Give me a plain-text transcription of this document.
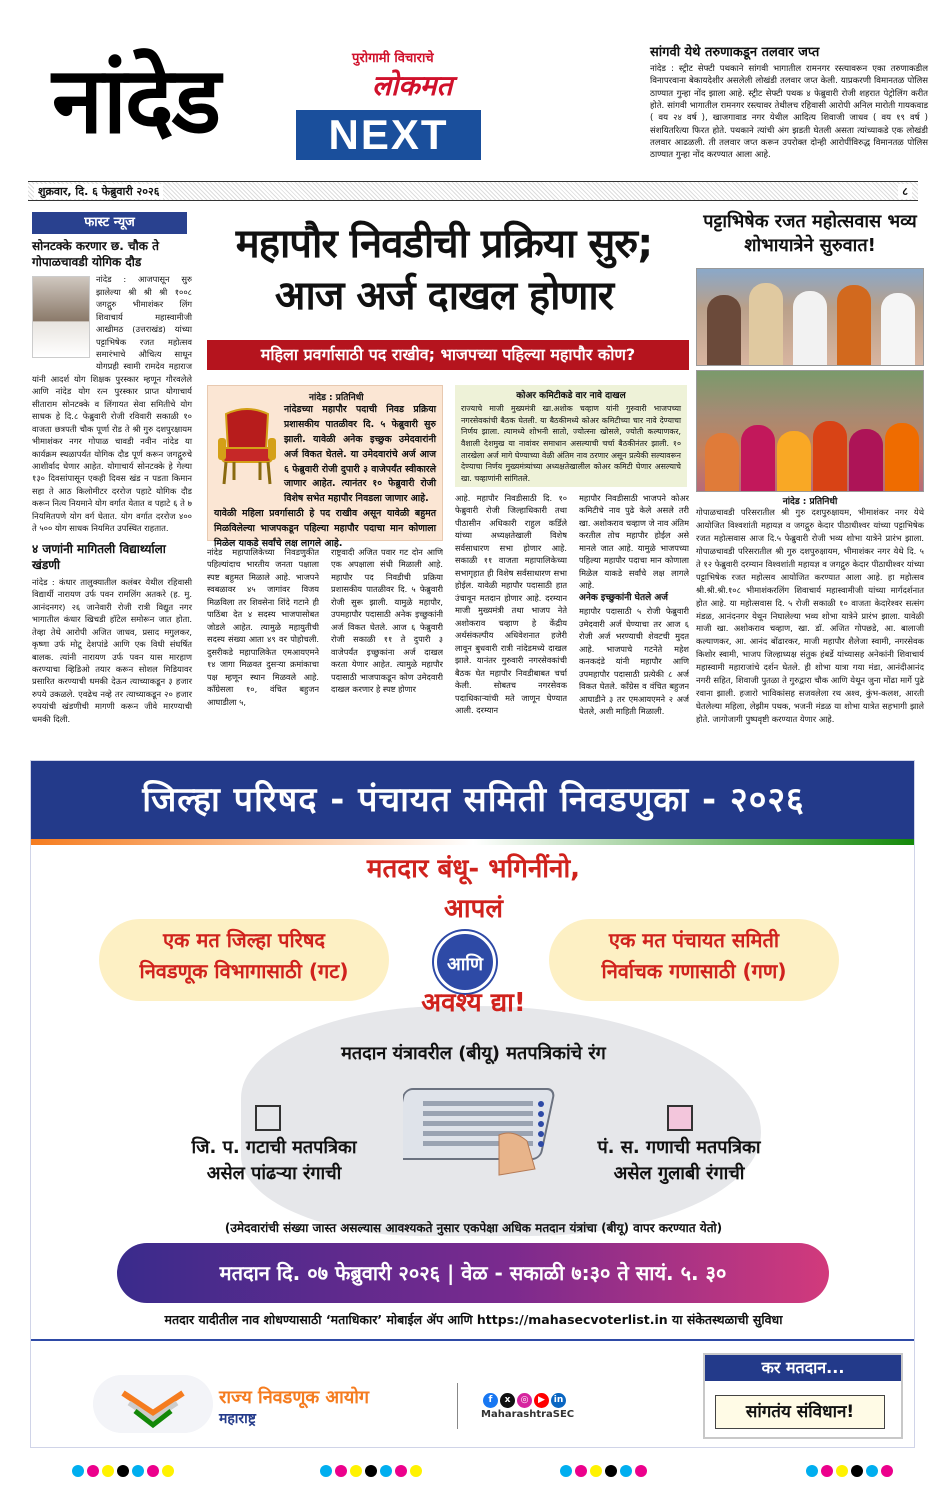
नांदेड	पुरोगामी विचाराचे
लोकमत
NEXT
सांगवी येथे तरुणाकडून तलवार जप्त

नांदेड : स्ट्रीट सेफ्टी पथकाने सांगवी भागातील रामनगर रस्त्यावरून एका तरुणाकडील विनापरवाना बेकायदेशीर असलेली लोखंडी तलवार जप्त केली. याप्रकरणी विमानतळ पोलिस ठाण्यात गुन्हा नोंद झाला आहे. स्ट्रीट सेफ्टी पथक ४ फेब्रुवारी रोजी शहरात पेट्रोलिंग करीत होते. सांगवी भागातील रामनगर रस्त्यावर तेथीलच रहिवासी आरोपी अनिल मारोती गायकवाड ( वय २४ वर्ष ), खाजगावाड नगर येथील आदित्य शिवाजी जाधव ( वय १९ वर्ष ) संशयितरित्या फिरत होते. पथकाने त्यांची अंग झडती घेतली असता त्यांच्याकडे एक लोखंडी तलवार आढळली. ती तलवार जप्त करून उपरोक्त दोन्ही आरोपींविरुद्ध विमानतळ पोलिस ठाण्यात गुन्हा नोंद करण्यात आला आहे.

शुक्रवार, दि. ६ फेब्रुवारी २०२६	८
फास्ट न्यूज
सोनटक्के करणार छ. चौक ते गोपाळचावडी योगिक दौड

नांदेड : आजपासून सुरु झालेल्या श्री श्री श्री १००८ जगद्गुरु भीमाशंकर लिंग शिवाचार्य महास्वामीजी आखीमठ (उत्तराखंड) यांच्या पट्टाभिषेक रजत महोत्सव समारंभाचे औचित्य साधून योगप्रही स्वामी रामदेव महाराज यांनी आदर्श योग शिक्षक पुरस्कार म्हणून गौरवलेले आणि नांदेड योग रत्न पुरस्कार प्राप्त योगाचार्य सीताराम सोनटक्के व लिंगायत सेवा समितीचे योग साधक हे दि.८ फेब्रुवारी रोजी रविवारी सकाळी १० वाजता छत्रपती चौक पूर्णा रोड ते श्री गुरु दशपुरक्षायम भीमाशंकर नगर गोपाळ चावडी नवीन नांदेड या कार्यक्रम स्थळापर्यंत योगिक दौड पूर्ण करून जगद्गुरुचे आशीर्वाद घेणार आहेत. योगाचार्य सोनटक्के हे गेल्या १३० दिवसांपासून एकही दिवस खंड न पडता किमान सहा ते आठ किलोमीटर दररोज पहाटे योगिक दौड करून नित्य नियमाने योग वर्गात येतात व पहाटे ६ ते ७ नियमितपणे योग वर्ग घेतात. योग वर्गात दररोज ४०० ते ५०० योग साधक नियमित उपस्थित राहतात.

४ जणांनी मागितली विद्यार्थ्याला खंडणी

नांदेड : कंधार तालुक्यातील कलंबर येथील रहिवासी विद्यार्थी नारायण उर्फ पवन रामलिंग अतकरे (ह. मु. आनंदनगर) २६ जानेवारी रोजी रात्री विद्युत नगर भागातील कंधार खिचडी हॉटेल समोरून जात होता. तेव्हा तेथे आरोपी अजित जाधव, प्रसाद मगुलकर, कृष्णा उर्फ मोटू देशपांडे आणि एक विधी संघर्षित बालक. त्यांनी नारायण उर्फ पवन यास मारहाण करण्याचा व्हिडिओ तयार करून सोशल मिडियावर प्रसारित करण्याची धमकी देऊन त्याच्याकडून ३ हजार रुपये उकळले. एवढेच नव्हे तर त्याच्याकडून २० हजार रुपयांची खंडणीची मागणी करून जीवे मारण्याची धमकी दिली.

महापौर निवडीची प्रक्रिया सुरु;
आज अर्ज दाखल होणार
महिला प्रवर्गासाठी पद राखीव; भाजपच्या पहिल्या महापौर कोण?
नांदेड : प्रतिनिधी
नांदेडच्या महापौर पदाची निवड प्रक्रिया प्रशासकीय पातळीवर दि. ५ फेब्रुवारी सुरु झाली. यावेळी अनेक इच्छुक उमेदवारांनी अर्ज विकत घेतले. या उमेदवारांचे अर्ज आज ६ फेब्रुवारी रोजी दुपारी ३ वाजेपर्यंत स्वीकारले जाणार आहेत. त्यानंतर १० फेब्रुवारी रोजी विशेष सभेत महापौर निवडला जाणार आहे.
यावेळी महिला प्रवर्गासाठी हे पद राखीव असून यावेळी बहुमत मिळविलेल्या भाजपकडून पहिल्या महापौर पदाचा मान कोणाला मिळेल याकडे सर्वांचे लक्ष लागले आहे.
कोअर कमिटीकडे वार नावे दाखल

राज्याचे माजी मुख्यमंत्री खा.अशोक चव्हाण यांनी गुरुवारी भाजपच्या नगरसेवकांची बैठक घेतली. या बैठकीमध्ये कोअर कमिटीच्या चार नावे देण्याचा निर्णय झाला. त्यामध्ये शोभनी सातो, ज्योत्स्ना खोसले, ज्योती कल्याणकर, वैशाली देशमुख या नावांवर समाधान असल्याची चर्चा बैठकीनंतर झाली. १० तारखेला अर्ज मागे घेण्याच्या वेळी अंतिम नाव ठरणार असून प्रत्येकी सल्यावरून देण्याचा निर्णय मुख्यमंत्र्यांच्या अध्यक्षतेखालील कोअर कमिटी घेणार असल्याचे खा. चव्हाणांनी सांगितले.

नांदेड महापालिकेच्या निवडणुकीत पहिल्यांदाच भारतीय जनता पक्षाला स्पष्ट बहुमत मिळाले आहे. भाजपने स्वबळावर ४५ जागांवर विजय मिळविला तर शिवसेना शिंदे गटाने ही पाठिंबा देत ४ सदस्य भाजपासोबत जोडले आहेत. त्यामुळे महायुतीची सदस्य संख्या आता ४९ वर पोहोचली. दुसरीकडे महापालिकेत एमआयएमने १४ जागा मिळवत दुसऱ्या क्रमांकाचा पक्ष म्हणून स्थान मिळवले आहे. काँग्रेसला १०, वंचित बहुजन आघाडीला ५,
राष्ट्रवादी अजित पवार गट दोन आणि एक अपक्षाला संधी मिळाली आहे. महापौर पद निवडीची प्रक्रिया प्रशासकीय पातळीवर दि. ५ फेब्रुवारी रोजी सुरू झाली. यामुळे महापौर, उपमहापौर पदासाठी अनेक इच्छुकांनी अर्ज विकत घेतले. आज ६ फेब्रुवारी रोजी सकाळी ११ ते दुपारी ३ वाजेपर्यंत इच्छुकांना अर्ज दाखल करता येणार आहेत. त्यामुळे महापौर पदासाठी भाजपाकडून कोण उमेदवारी दाखल करणार हे स्पष्ट होणार
आहे. महापौर निवडीसाठी दि. १० फेब्रुवारी रोजी जिल्हाधिकारी तथा पीठासीन अधिकारी राहुल कर्डिले यांच्या अध्यक्षतेखाली विशेष सर्वसाधारण सभा होणार आहे. सकाळी ११ वाजता महापालिकेच्या सभागृहात ही विशेष सर्वसाधारण सभा होईल. यावेळी महापौर पदासाठी हात उंचावून मतदान होणार आहे. दरम्यान माजी मुख्यमंत्री तथा भाजप नेते अशोकराव चव्हाण हे केंद्रीय अर्थसंकल्पीय अधिवेशनात हजेरी लावून बुधवारी रात्री नांदेडमध्ये दाखल झाले. यानंतर गुरुवारी नगरसेवकांची बैठक घेत महापौर निवडीबाबत चर्चा केली. सोबतच नगरसेवक पदाधिकाऱ्यांची मते जाणून घेण्यात आली. दरम्यान
महापौर निवडीसाठी भाजपने कोअर कमिटीचे नाव पुढे केले असले तरी खा. अशोकराव चव्हाण जे नाव अंतिम करतील तोच महापौर होईल असे मानले जात आहे. यामुळे भाजपच्या पहिल्या महापौर पदाचा मान कोणाला मिळेल याकडे सर्वांचे लक्ष लागले आहे.
अनेक इच्छुकांनी घेतले अर्ज
महापौर पदासाठी ५ रोजी फेब्रुवारी उमेदवारी अर्ज घेण्याचा तर आज ६ रोजी अर्ज भरण्याची शेवटची मुदत आहे. भाजपाचे गटनेते महेश कनकदंडे यांनी महापौर आणि उपमहापौर पदासाठी प्रत्येकी ८ अर्ज विकत घेतले. काँग्रेस व वंचित बहुजन आघाडीने ३ तर एमआयएमने २ अर्ज घेतले, अशी माहिती मिळाली.
पट्टाभिषेक रजत महोत्सवास भव्य शोभायात्रेने सुरुवात!
नांदेड : प्रतिनिधी
गोपाळचावडी परिसरातील श्री गुरु दशपुरुक्षायम, भीमाशंकर नगर येथे आयोजित विश्वशांती महायज्ञ व जगद्गुरु केदार पीठाधीश्वर यांच्या पट्टाभिषेक रजत महोत्सवास आज दि.५ फेब्रुवारी रोजी भव्य शोभा यात्रेने प्रारंभ झाला. गोपाळचावडी परिसरातील श्री गुरु दशपुरुक्षायम, भीमाशंकर नगर येथे दि. ५ ते १२ फेब्रुवारी दरम्यान विश्वशांती महायज्ञ व जगद्गुरु केदार पीठाधीश्वर यांच्या पट्टाभिषेक रजत महोत्सव आयोजित करण्यात आला आहे. हा महोत्सव श्री.श्री.श्री.१०८ भीमाशंकरलिंग शिवाचार्य महास्वामीजी यांच्या मार्गदर्शनात होत आहे. या महोत्सवास दि. ५ रोजी सकाळी १० वाजता केदारेश्वर सत्संग मंडळ, आनंदनगर येथून निघालेल्या भव्य शोभा यात्रेने प्रारंभ झाला. यावेळी माजी खा. अशोकराव चव्हाण, खा. डॉ. अजित गोपछडे, आ. बालाजी कल्याणकर, आ. आनंद बोंढारकर, माजी महापौर शैलेजा स्वामी, नगरसेवक किशोर स्वामी, भाजप जिल्हाध्यक्ष संतुक हंबर्डे यांच्यासह अनेकांनी शिवाचार्य महास्वामी महाराजांचे दर्शन घेतले. ही शोभा यात्रा गया मंडा, आनंदीआनंद नगरी सहित, शिवाजी पुतळा ते गुरुद्वारा चौक आणि येथून जुना मोंढा मार्गे पुढे रवाना झाली. हजारो भाविकांसह सजवलेला रथ अश्व, कुंभ-कलश, आरती घेतलेल्या महिला, लेझीम पथक, भजनी मंडळ या शोभा यात्रेत सहभागी झाले होते. जागोजागी पुष्पवृष्टी करण्यात येणार आहे.
जिल्हा परिषद - पंचायत समिती निवडणुका - २०२६
मतदार बंधू- भगिनींनो,
आपलं
एक मत जिल्हा परिषद
निवडणूक विभागासाठी (गट)	आणि
एक मत पंचायत समिती
निर्वाचक गणासाठी (गण)
अवश्य द्या!
मतदान यंत्रावरील (बीयू) मतपत्रिकांचे रंग
जि. प. गटाची मतपत्रिका
असेल पांढऱ्या रंगाची
पं. स. गणाची मतपत्रिका
असेल गुलाबी रंगाची
(उमेदवारांची संख्या जास्त असल्यास आवश्यकते नुसार एकपेक्षा अधिक मतदान यंत्रांचा (बीयू) वापर करण्यात येतो)
मतदान दि. ०७ फेब्रुवारी २०२६ | वेळ - सकाळी ७:३० ते सायं. ५. ३०
मतदार यादीतील नाव शोधण्यासाठी ‘मताधिकार’ मोबाईल ॲप आणि https://mahasecvoterlist.in या संकेतस्थळाची सुविधा
राज्य निवडणूक आयोग
महाराष्ट्र
f x ◎ ▶ in
MaharashtraSEC
कर मतदान...
सांगतंय संविधान!
